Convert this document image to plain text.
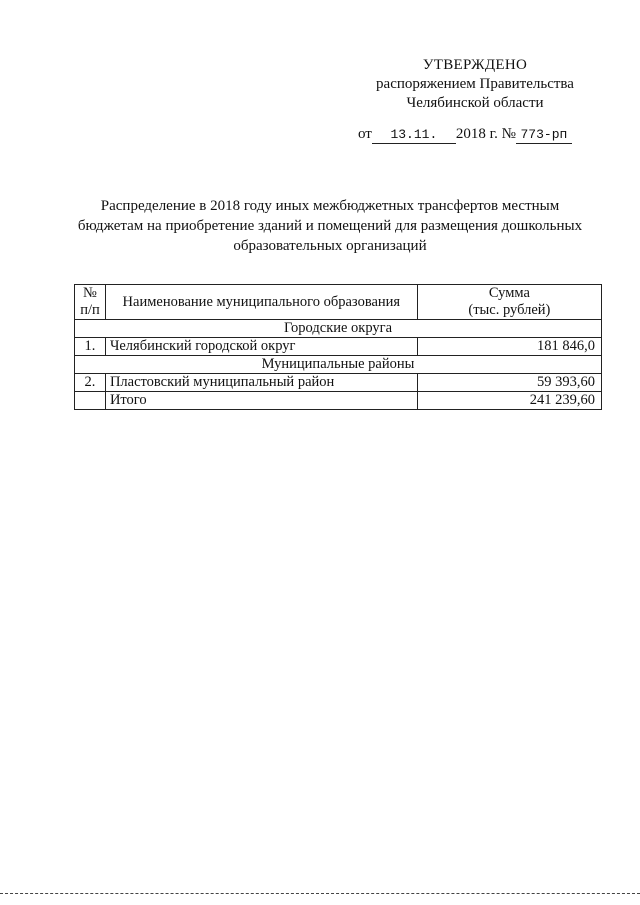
УТВЕРЖДЕНО
распоряжением Правительства
Челябинской области
от 13.11. 2018 г. № 773-рп
Распределение в 2018 году иных межбюджетных трансфертов местным
бюджетам на приобретение зданий и помещений для размещения дошкольных
образовательных организаций
№ п/п	Наименование муниципального образования	Сумма
(тыс. рублей)

Городские округа		
1.	Челябинский городской округ	181 846,0
Муниципальные районы		
2.	Пластовский муниципальный район	59 393,60
	Итого	241 239,60
